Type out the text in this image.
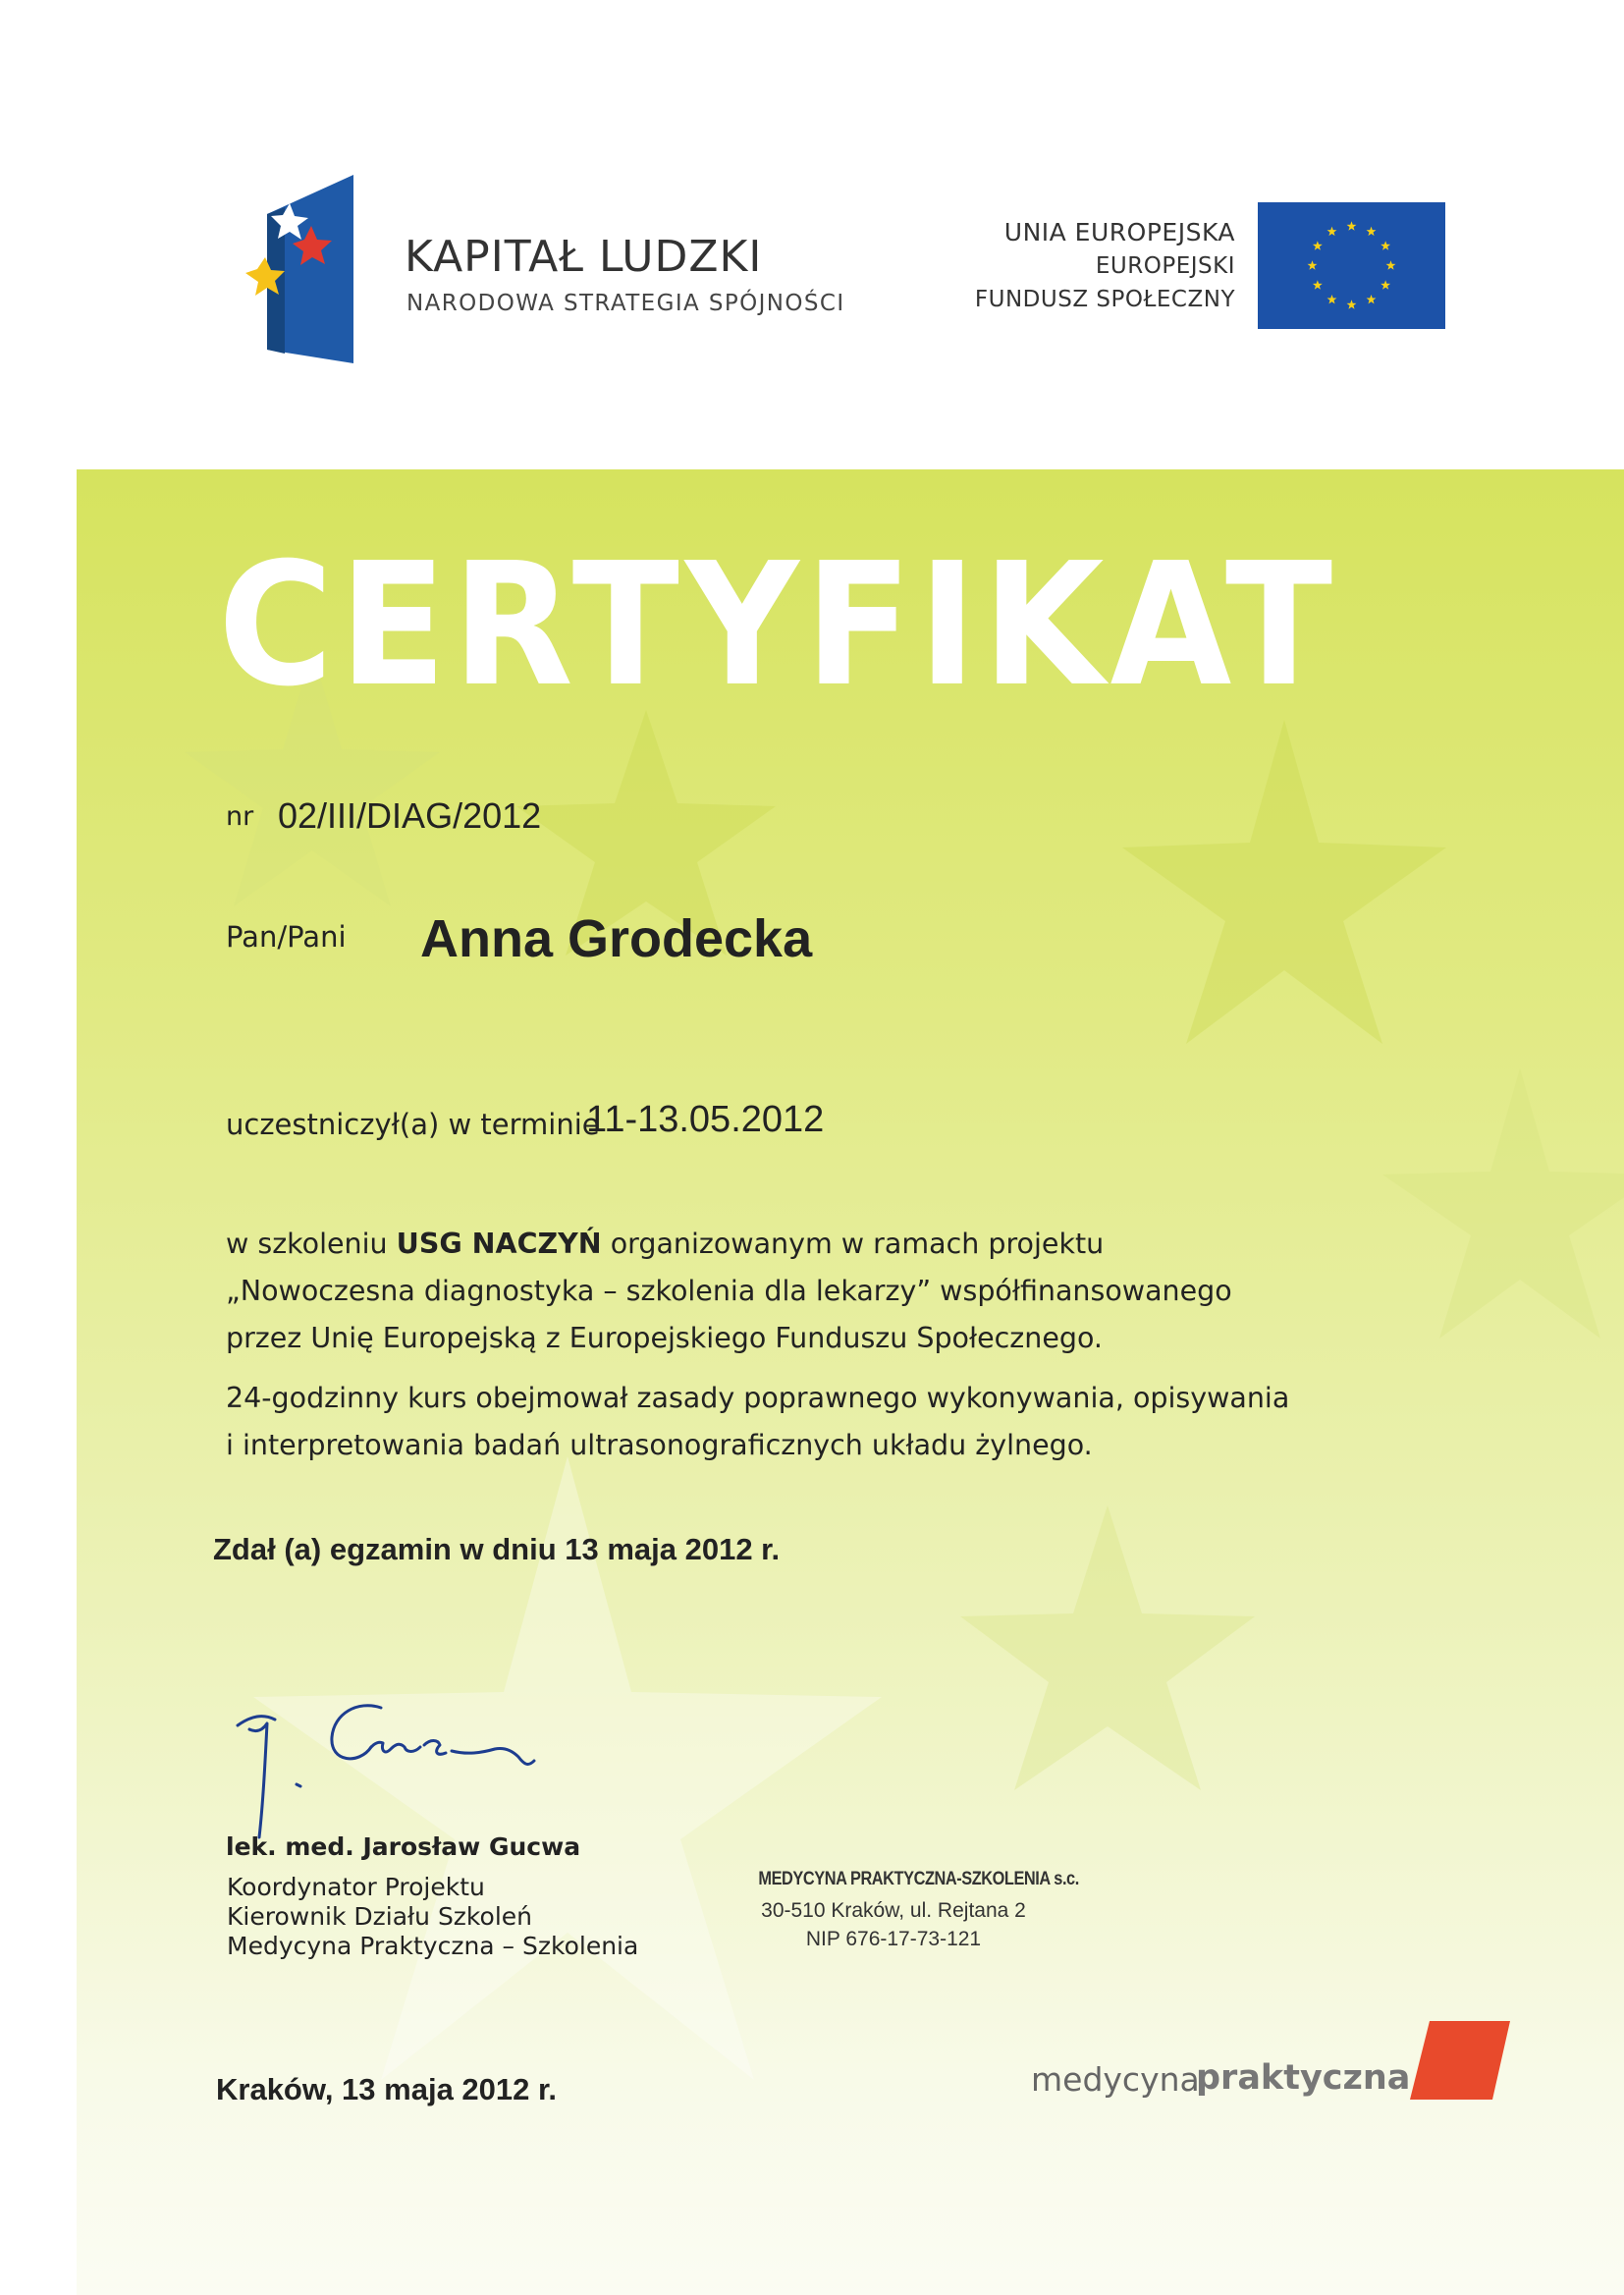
KAPITAŁ LUDZKI
NARODOWA STRATEGIA SPÓJNOŚCI
UNIA EUROPEJSKA
EUROPEJSKI
FUNDUSZ SPOŁECZNY
CERTYFIKAT
nr 02/III/DIAG/2012
Pan/Pani Anna Grodecka
uczestniczył(a) w terminie
11-13.05.2012
w szkoleniu USG NACZYŃ organizowanym w ramach projektu
„Nowoczesna diagnostyka – szkolenia dla lekarzy” współfinansowanego
przez Unię Europejską z Europejskiego Funduszu Społecznego.
24-godzinny kurs obejmował zasady poprawnego wykonywania, opisywania
i interpretowania badań ultrasonograficznych układu żylnego.
Zdał (a) egzamin w dniu 13 maja 2012 r.
lek. med. Jarosław Gucwa
Koordynator Projektu
Kierownik Działu Szkoleń
Medycyna Praktyczna – Szkolenia
MEDYCYNA PRAKTYCZNA-SZKOLENIA s.c.
30-510 Kraków, ul. Rejtana 2
NIP 676-17-73-121
Kraków, 13 maja 2012 r.	medycyna
praktyczna
